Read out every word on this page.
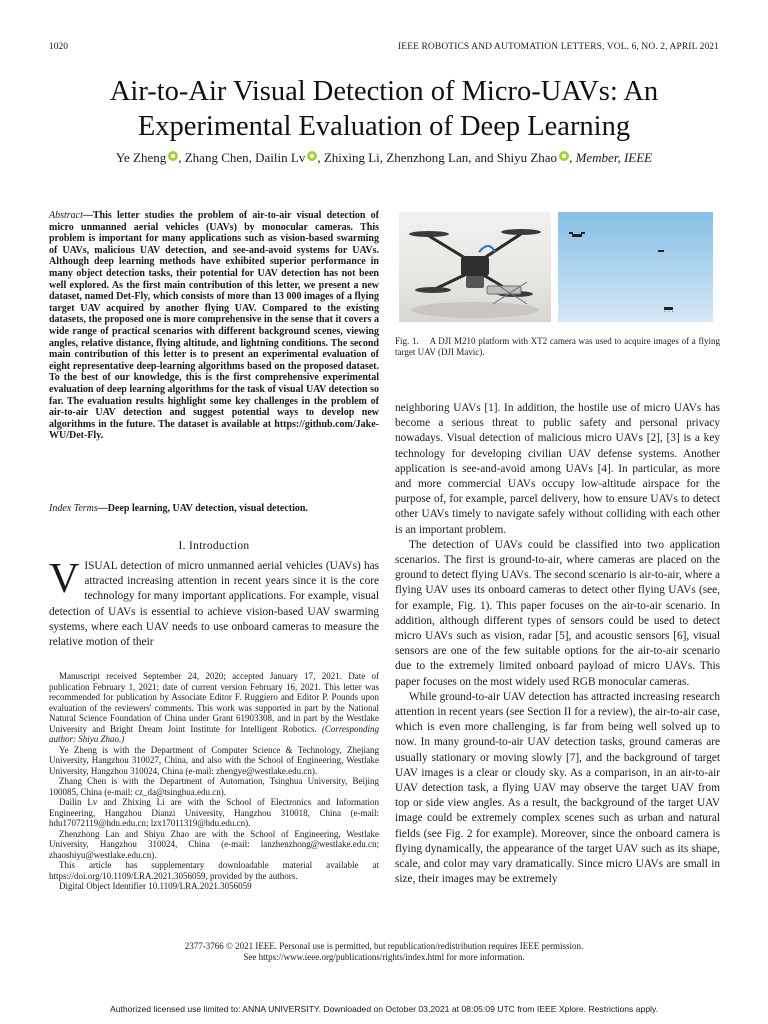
1020	IEEE ROBOTICS AND AUTOMATION LETTERS, VOL. 6, NO. 2, APRIL 2021
Air-to-Air Visual Detection of Micro-UAVs: An Experimental Evaluation of Deep Learning
Ye Zheng , Zhang Chen, Dailin Lv , Zhixing Li, Zhenzhong Lan, and Shiyu Zhao , Member, IEEE
Abstract—This letter studies the problem of air-to-air visual detection of micro unmanned aerial vehicles (UAVs) by monocular cameras. This problem is important for many applications such as vision-based swarming of UAVs, malicious UAV detection, and see-and-avoid systems for UAVs. Although deep learning methods have exhibited superior performance in many object detection tasks, their potential for UAV detection has not been well explored. As the first main contribution of this letter, we present a new dataset, named Det-Fly, which consists of more than 13 000 images of a flying target UAV acquired by another flying UAV. Compared to the existing datasets, the proposed one is more comprehensive in the sense that it covers a wide range of practical scenarios with different background scenes, viewing angles, relative distance, flying altitude, and lightning conditions. The second main contribution of this letter is to present an experimental evaluation of eight representative deep-learning algorithms based on the proposed dataset. To the best of our knowledge, this is the first comprehensive experimental evaluation of deep learning algorithms for the task of visual UAV detection so far. The evaluation results highlight some key challenges in the problem of air-to-air UAV detection and suggest potential ways to develop new algorithms in the future. The dataset is available at https://github.com/Jake-WU/Det-Fly.
Index Terms—Deep learning, UAV detection, visual detection.
I. Introduction
VISUAL detection of micro unmanned aerial vehicles (UAVs) has attracted increasing attention in recent years since it is the core technology for many important applications. For example, visual detection of UAVs is essential to achieve vision-based UAV swarming systems, where each UAV needs to use onboard cameras to measure the relative motion of their

Manuscript received September 24, 2020; accepted January 17, 2021. Date of publication February 1, 2021; date of current version February 16, 2021. This letter was recommended for publication by Associate Editor F. Ruggiero and Editor P. Pounds upon evaluation of the reviewers' comments. This work was supported in part by the National Natural Science Foundation of China under Grant 61903308, and in part by the Westlake University and Bright Dream Joint Institute for Intelligent Robotics. (Corresponding author: Shiyu Zhao.)

Ye Zheng is with the Department of Computer Science & Technology, Zhejiang University, Hangzhou 310027, China, and also with the School of Engineering, Westlake University, Hangzhou 310024, China (e-mail: zhengye@westlake.edu.cn).

Zhang Chen is with the Department of Automation, Tsinghua University, Beijing 100085, China (e-mail: cz_da@tsinghua.edu.cn).

Dailin Lv and Zhixing Li are with the School of Electronics and Information Engineering, Hangzhou Dianzi University, Hangzhou 310018, China (e-mail: hdu17072119@hdu.edu.cn; lzx17011319@hdu.edu.cn).

Zhenzhong Lan and Shiyu Zhao are with the School of Engineering, Westlake University, Hangzhou 310024, China (e-mail: lanzhenzhong@westlake.edu.cn; zhaoshiyu@westlake.edu.cn).

This article has supplementary downloadable material available at https://doi.org/10.1109/LRA.2021.3056059, provided by the authors.

Digital Object Identifier 10.1109/LRA.2021.3056059

· · ·
Fig. 1. A DJI M210 platform with XT2 camera was used to acquire images of a flying target UAV (DJI Mavic).

neighboring UAVs [1]. In addition, the hostile use of micro UAVs has become a serious threat to public safety and personal privacy nowadays. Visual detection of malicious micro UAVs [2], [3] is a key technology for developing civilian UAV defense systems. Another application is see-and-avoid among UAVs [4]. In particular, as more and more commercial UAVs occupy low-altitude airspace for the purpose of, for example, parcel delivery, how to ensure UAVs to detect other UAVs timely to navigate safely without colliding with each other is an important problem.

The detection of UAVs could be classified into two application scenarios. The first is ground-to-air, where cameras are placed on the ground to detect flying UAVs. The second scenario is air-to-air, where a flying UAV uses its onboard cameras to detect other flying UAVs (see, for example, Fig. 1). This paper focuses on the air-to-air scenario. In addition, although different types of sensors could be used to detect micro UAVs such as vision, radar [5], and acoustic sensors [6], visual sensors are one of the few suitable options for the air-to-air scenario due to the extremely limited onboard payload of micro UAVs. This paper focuses on the most widely used RGB monocular cameras.

While ground-to-air UAV detection has attracted increasing research attention in recent years (see Section II for a review), the air-to-air case, which is even more challenging, is far from being well solved up to now. In many ground-to-air UAV detection tasks, ground cameras are usually stationary or moving slowly [7], and the background of target UAV images is a clear or cloudy sky. As a comparison, in an air-to-air UAV detection task, a flying UAV may observe the target UAV from top or side view angles. As a result, the background of the target UAV image could be extremely complex scenes such as urban and natural fields (see Fig. 2 for example). Moreover, since the onboard camera is flying dynamically, the appearance of the target UAV such as its shape, scale, and color may vary dramatically. Since micro UAVs are small in size, their images may be extremely

2377-3766 © 2021 IEEE. Personal use is permitted, but republication/redistribution requires IEEE permission.
See https://www.ieee.org/publications/rights/index.html for more information.
Authorized licensed use limited to: ANNA UNIVERSITY. Downloaded on October 03,2021 at 08:05:09 UTC from IEEE Xplore. Restrictions apply.
